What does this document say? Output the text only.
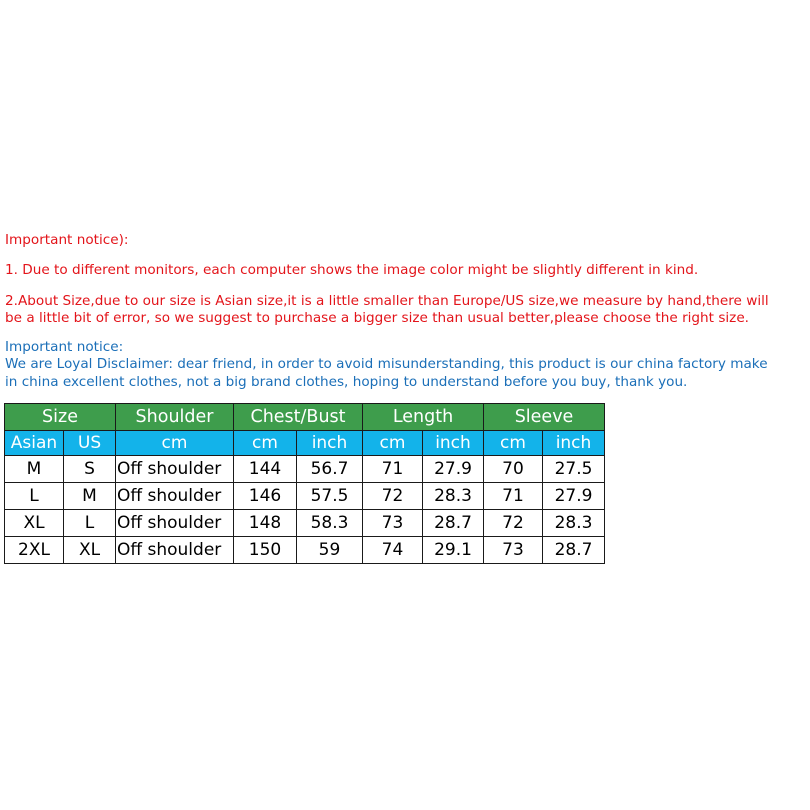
Important notice):
1. Due to different monitors, each computer shows the image color might be slightly different in kind.
2.About Size,due to our size is Asian size,it is a little smaller than Europe/US size,we measure by hand,there will
be a little bit of error, so we suggest to purchase a bigger size than usual better,please choose the right size.
Important notice:
We are Loyal Disclaimer: dear friend, in order to avoid misunderstanding, this product is our china factory make
in china excellent clothes, not a big brand clothes, hoping to understand before you buy, thank you.
Size		Shoulder	Chest/Bust		Length		Sleeve	
Asian	US	cm	cm	inch	cm	inch	cm	inch
M	S	Off shoulder	144	56.7	71	27.9	70	27.5
L	M	Off shoulder	146	57.5	72	28.3	71	27.9
XL	L	Off shoulder	148	58.3	73	28.7	72	28.3
2XL	XL	Off shoulder	150	59	74	29.1	73	28.7
